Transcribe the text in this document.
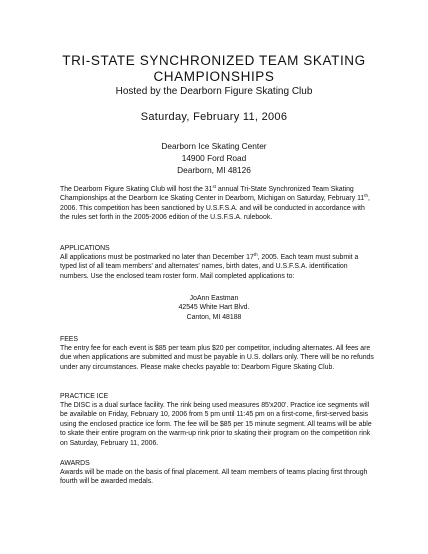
TRI-STATE SYNCHRONIZED TEAM SKATING
CHAMPIONSHIPS
Hosted by the Dearborn Figure Skating Club
Saturday, February 11, 2006
Dearborn Ice Skating Center
14900 Ford Road
Dearborn, MI 48126

The Dearborn Figure Skating Club will host the 31st annual Tri-State Synchronized Team Skating Championships at the Dearborn Ice Skating Center in Dearborn, Michigan on Saturday, February 11th, 2006. This competition has been sanctioned by U.S.F.S.A. and will be conducted in accordance with the rules set forth in the 2005-2006 edition of the U.S.F.S.A. rulebook.

APPLICATIONS

All applications must be postmarked no later than December 17th, 2005. Each team must submit a typed list of all team members' and alternates' names, birth dates, and U.S.F.S.A. identification numbers. Use the enclosed team roster form. Mail completed applications to:

JoAnn Eastman
42545 White Hart Blvd.
Canton, MI 48188
FEES

The entry fee for each event is $85 per team plus $20 per competitor, including alternates. All fees are due when applications are submitted and must be payable in U.S. dollars only. There will be no refunds under any circumstances. Please make checks payable to: Dearborn Figure Skating Club.

PRACTICE ICE

The DISC is a dual surface facility. The rink being used measures 85'x200'. Practice ice segments will be available on Friday, February 10, 2006 from 5 pm until 11:45 pm on a first-come, first-served basis using the enclosed practice ice form. The fee will be $85 per 15 minute segment. All teams will be able to skate their entire program on the warm-up rink prior to skating their program on the competition rink on Saturday, February 11, 2006.

AWARDS

Awards will be made on the basis of final placement. All team members of teams placing first through fourth will be awarded medals.
